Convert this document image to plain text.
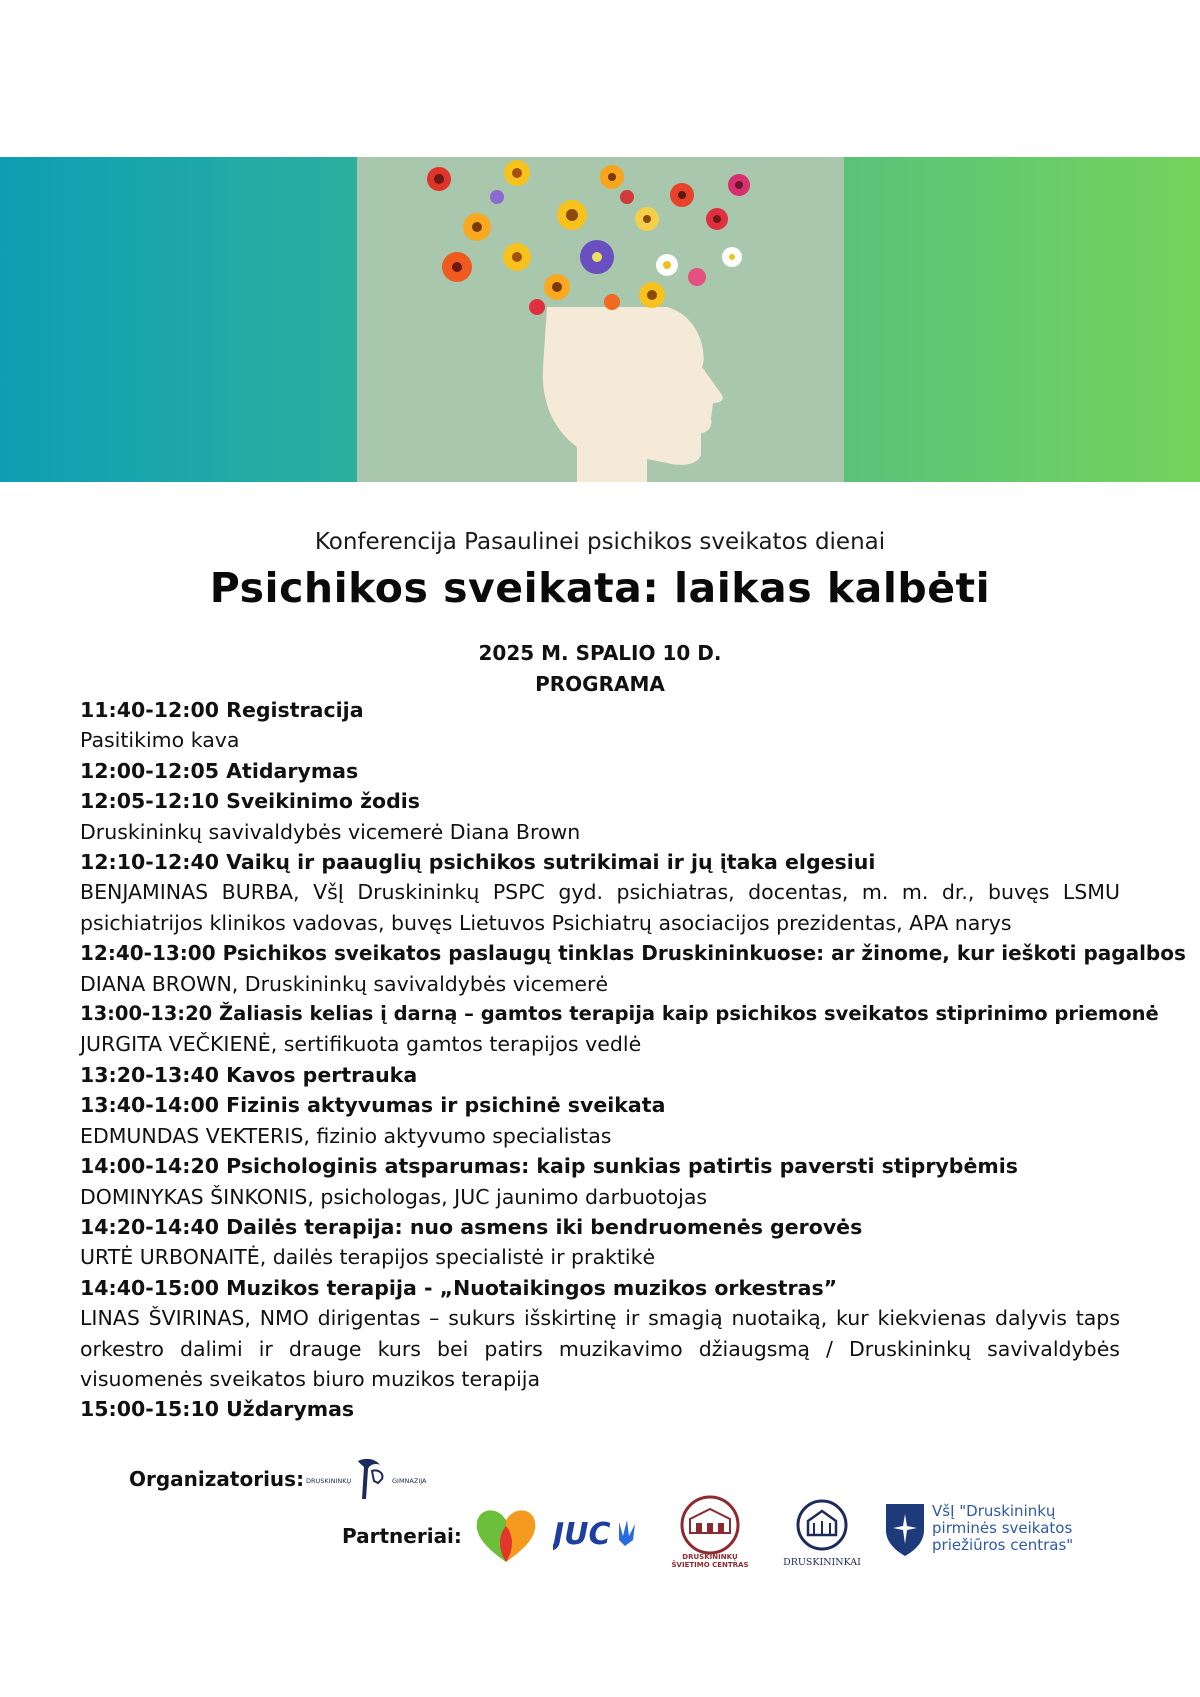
Konferencija Pasaulinei psichikos sveikatos dienai
Psichikos sveikata: laikas kalbėti
2025 M. SPALIO 10 D.
PROGRAMA
11:40-12:00 Registracija
Pasitikimo kava
12:00-12:05 Atidarymas
12:05-12:10 Sveikinimo žodis
Druskininkų savivaldybės vicemerė Diana Brown
12:10-12:40 Vaikų ir paauglių psichikos sutrikimai ir jų įtaka elgesiui
BENJAMINAS BURBA, VšĮ Druskininkų PSPC gyd. psichiatras, docentas, m. m. dr., buvęs LSMU psichiatrijos klinikos vadovas, buvęs Lietuvos Psichiatrų asociacijos prezidentas, APA narys
12:40-13:00 Psichikos sveikatos paslaugų tinklas Druskininkuose: ar žinome, kur ieškoti pagalbos
DIANA BROWN, Druskininkų savivaldybės vicemerė
13:00-13:20 Žaliasis kelias į darną – gamtos terapija kaip psichikos sveikatos stiprinimo priemonė
JURGITA VEČKIENĖ, sertifikuota gamtos terapijos vedlė
13:20-13:40 Kavos pertrauka
13:40-14:00 Fizinis aktyvumas ir psichinė sveikata
EDMUNDAS VEKTERIS, fizinio aktyvumo specialistas
14:00-14:20 Psichologinis atsparumas: kaip sunkias patirtis paversti stiprybėmis
DOMINYKAS ŠINKONIS, psichologas, JUC jaunimo darbuotojas
14:20-14:40 Dailės terapija: nuo asmens iki bendruomenės gerovės
URTĖ URBONAITĖ, dailės terapijos specialistė ir praktikė
14:40-15:00 Muzikos terapija - „Nuotaikingos muzikos orkestras”
LINAS ŠVIRINAS, NMO dirigentas – sukurs išskirtinę ir smagią nuotaiką, kur kiekvienas dalyvis taps orkestro dalimi ir drauge kurs bei patirs muzikavimo džiaugsmą / Druskininkų savivaldybės visuomenės sveikatos biuro muzikos terapija
15:00-15:10 Uždarymas
Organizatorius: DRUSKININKŲ	GIMNAZIJA
Partneriai:	JUC
DRUSKININKŲ
ŠVIETIMO CENTRAS	DRUSKININKAI
VšĮ "Druskininkų
pirminės sveikatos
priežiūros centras"
